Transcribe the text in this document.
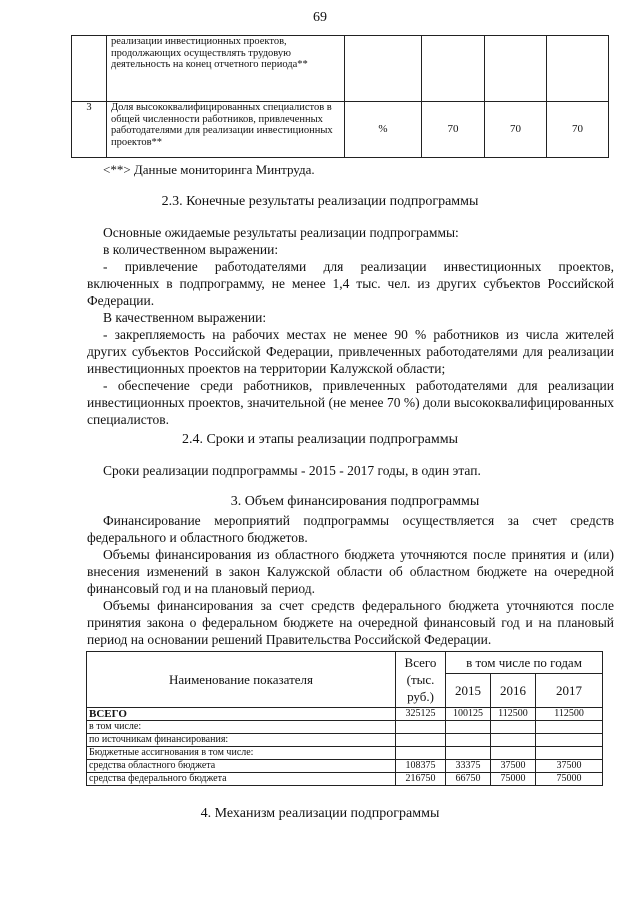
69
	реализации инвестиционных проектов, продолжающих осуществлять трудовую деятельность на конец отчетного периода**				
3	Доля высококвалифицированных специалистов в общей численности работников, привлеченных работодателями для реализации инвестиционных проектов**	%	70	70	70
<**> Данные мониторинга Минтруда.
2.3. Конечные результаты реализации подпрограммы
Основные ожидаемые результаты реализации подпрограммы:
в количественном выражении:
- привлечение работодателями для реализации инвестиционных проектов,
включенных в подпрограмму, не менее 1,4 тыс. чел. из других субъектов Российской
Федерации.
В качественном выражении:
- закрепляемость на рабочих местах не менее 90 % работников из числа жителей
других субъектов Российской Федерации, привлеченных работодателями для реализации
инвестиционных проектов на территории Калужской области;
- обеспечение среди работников, привлеченных работодателями для реализации
инвестиционных проектов, значительной (не менее 70 %) доли высококвалифицированных
специалистов.
2.4. Сроки и этапы реализации подпрограммы
Сроки реализации подпрограммы - 2015 - 2017 годы, в один этап.
3. Объем финансирования подпрограммы
Финансирование мероприятий подпрограммы осуществляется за счет средств
федерального и областного бюджетов.
Объемы финансирования из областного бюджета уточняются после принятия и (или)
внесения изменений в закон Калужской области об областном бюджете на очередной
финансовый год и на плановый период.
Объемы финансирования за счет средств федерального бюджета уточняются после
принятия закона о федеральном бюджете на очередной финансовый год и на плановый
период на основании решений Правительства Российской Федерации.
Наименование показателя	Всего
(тыс.
руб.)	в том числе по годам		
		2015	2016	2017
ВСЕГО	325125	100125	112500	112500
в том числе:				
по источникам финансирования:				
Бюджетные ассигнования в том числе:				
средства областного бюджета	108375	33375	37500	37500
средства федерального бюджета	216750	66750	75000	75000
4. Механизм реализации подпрограммы
